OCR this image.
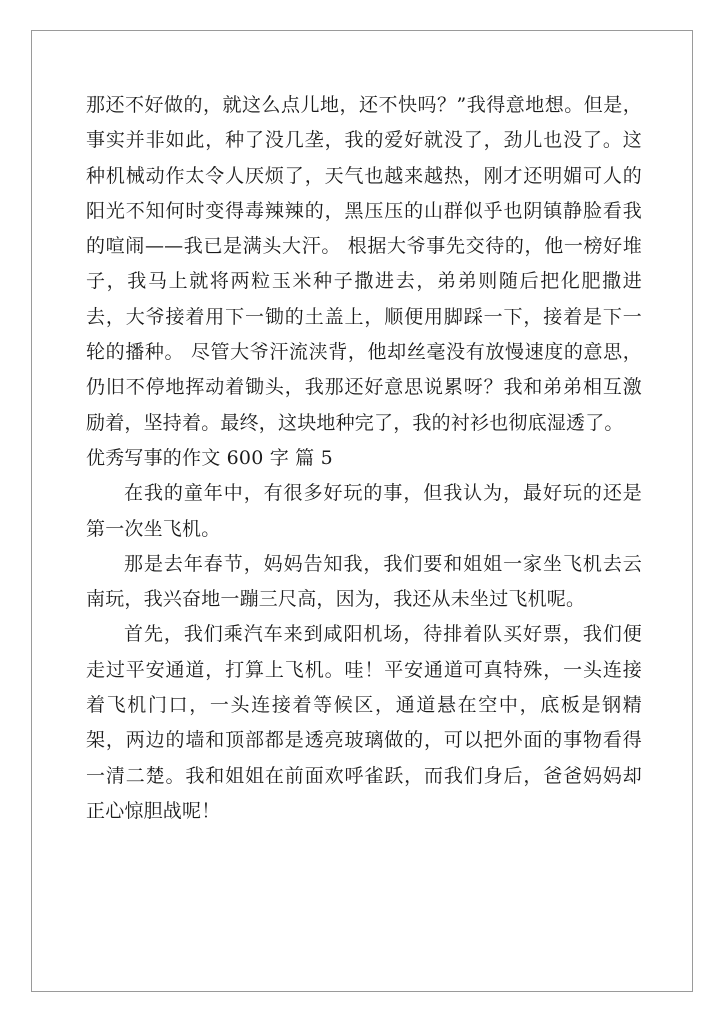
那还不好做的，就这么点儿地，还不快吗？”我得意地想。但是，事实并非如此，种了没几垄，我的爱好就没了，劲儿也没了。这种机械动作太令人厌烦了，天气也越来越热，刚才还明媚可人的阳光不知何时变得毒辣辣的，黑压压的山群似乎也阴镇静脸看我的喧闹——我已是满头大汗。 根据大爷事先交待的，他一榜好堆子，我马上就将两粒玉米种子撒进去，弟弟则随后把化肥撒进去，大爷接着用下一锄的土盖上，顺便用脚踩一下，接着是下一轮的播种。 尽管大爷汗流浃背，他却丝毫没有放慢速度的意思，仍旧不停地挥动着锄头，我那还好意思说累呀？我和弟弟相互激励着，坚持着。最终，这块地种完了，我的衬衫也彻底湿透了。

优秀写事的作文 600 字 篇 5

在我的童年中，有很多好玩的事，但我认为，最好玩的还是第一次坐飞机。

那是去年春节，妈妈告知我，我们要和姐姐一家坐飞机去云南玩，我兴奋地一蹦三尺高，因为，我还从未坐过飞机呢。

首先，我们乘汽车来到咸阳机场，待排着队买好票，我们便走过平安通道，打算上飞机。哇！平安通道可真特殊，一头连接着飞机门口，一头连接着等候区，通道悬在空中，底板是钢精架，两边的墙和顶部都是透亮玻璃做的，可以把外面的事物看得一清二楚。我和姐姐在前面欢呼雀跃，而我们身后，爸爸妈妈却正心惊胆战呢！
